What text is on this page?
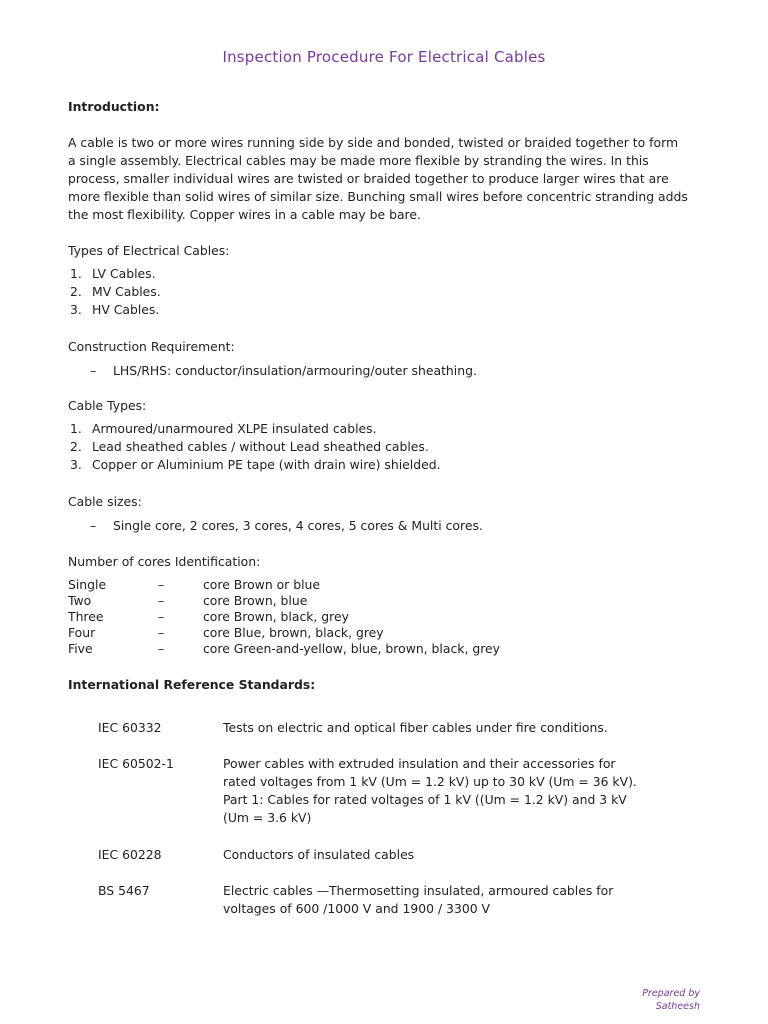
Inspection Procedure For Electrical Cables
Introduction:
A cable is two or more wires running side by side and bonded, twisted or braided together to form
a single assembly. Electrical cables may be made more flexible by stranding the wires. In this
process, smaller individual wires are twisted or braided together to produce larger wires that are
more flexible than solid wires of similar size. Bunching small wires before concentric stranding adds
the most flexibility. Copper wires in a cable may be bare.
Types of Electrical Cables:
1. LV Cables.
2. MV Cables.
3. HV Cables.
Construction Requirement:
–	LHS/RHS: conductor/insulation/armouring/outer sheathing.
Cable Types:
1. Armoured/unarmoured XLPE insulated cables.
2. Lead sheathed cables / without Lead sheathed cables.
3. Copper or Aluminium PE tape (with drain wire) shielded.
Cable sizes:
–	Single core, 2 cores, 3 cores, 4 cores, 5 cores & Multi cores.
Number of cores Identification:
Single	–	core Brown or blue
Two	–	core Brown, blue
Three	–	core Brown, black, grey
Four	–	core Blue, brown, black, grey
Five	–	core Green-and-yellow, blue, brown, black, grey
International Reference Standards:
IEC 60332	Tests on electric and optical fiber cables under fire conditions.
IEC 60502-1	Power cables with extruded insulation and their accessories for
rated voltages from 1 kV (Um = 1.2 kV) up to 30 kV (Um = 36 kV).
Part 1: Cables for rated voltages of 1 kV ((Um = 1.2 kV) and 3 kV
(Um = 3.6 kV)
IEC 60228	Conductors of insulated cables
BS 5467	Electric cables —Thermosetting insulated, armoured cables for
voltages of 600 /1000 V and 1900 / 3300 V
Prepared by
Satheesh
